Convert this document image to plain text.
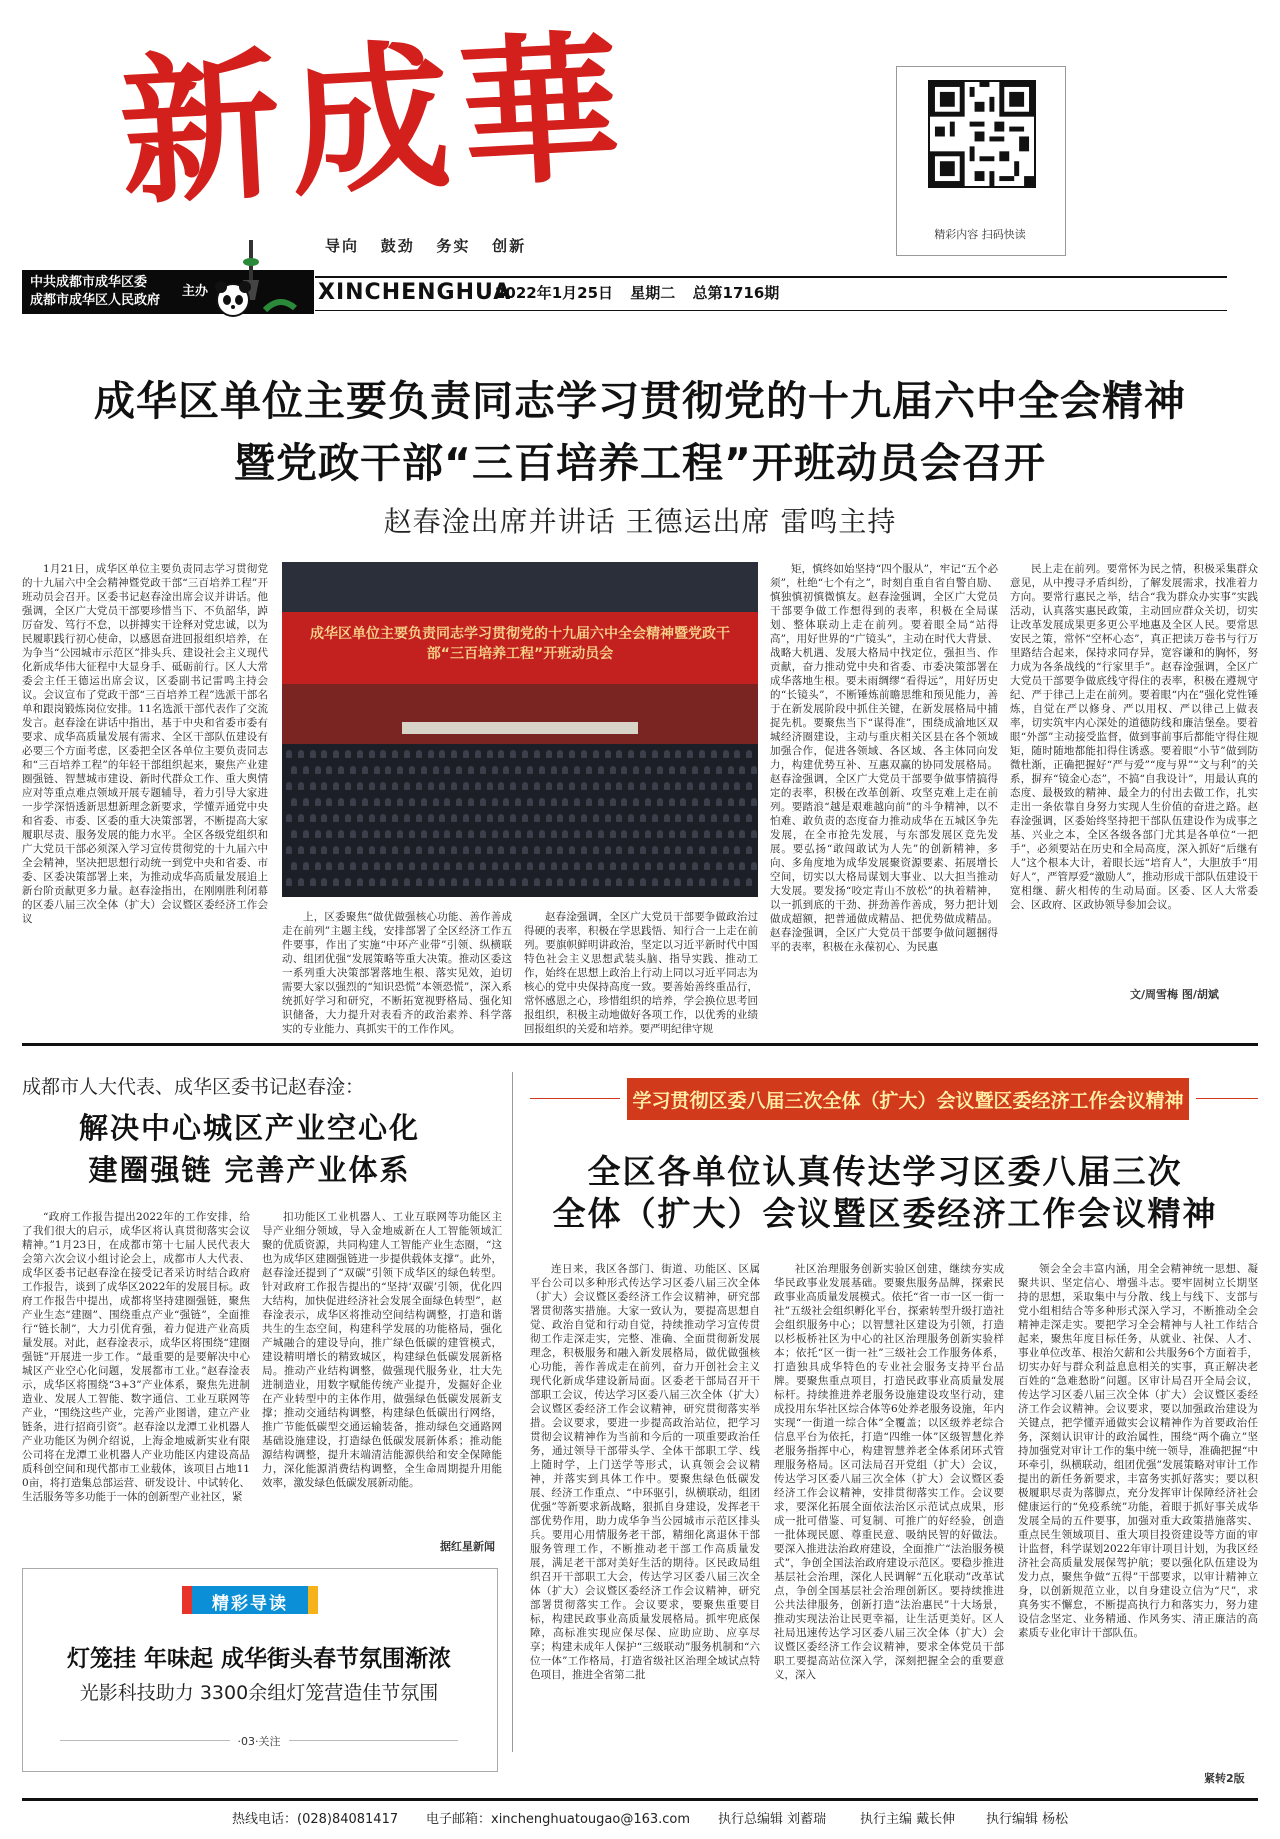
新成華
导向 鼓劲 务实 创新
精彩内容 扫码快读
中共成都市成华区委
成都市成华区人民政府
主办	XINCHENGHUA
2022年1月25日 星期二 总第1716期
成华区单位主要负责同志学习贯彻党的十九届六中全会精神
暨党政干部“三百培养工程”开班动员会召开
赵春淦出席并讲话 王德运出席 雷鸣主持

1月21日，成华区单位主要负责同志学习贯彻党的十九届六中全会精神暨党政干部“三百培养工程”开班动员会召开。区委书记赵春淦出席会议并讲话。他强调，全区广大党员干部要珍惜当下、不负韶华，踔厉奋发、笃行不怠，以拼搏实干诠释对党忠诚，以为民履职践行初心使命，以感恩奋进回报组织培养，在为争当“公园城市示范区”排头兵、建设社会主义现代化新成华伟大征程中大显身手、砥砺前行。区人大常委会主任王德运出席会议，区委副书记雷鸣主持会议。会议宣布了党政干部“三百培养工程”选派干部名单和跟岗锻炼岗位安排。11名选派干部代表作了交流发言。赵春淦在讲话中指出，基于中央和省委市委有要求、成华高质量发展有需求、全区干部队伍建设有必要三个方面考虑，区委把全区各单位主要负责同志和“三百培养工程”的年轻干部组织起来，聚焦产业建圈强链、智慧城市建设、新时代群众工作、重大舆情应对等重点难点领域开展专题辅导，着力引导大家进一步学深悟透新思想新理念新要求，学懂弄通党中央和省委、市委、区委的重大决策部署，不断提高大家履职尽责、服务发展的能力水平。全区各级党组织和广大党员干部必须深入学习宣传贯彻党的十九届六中全会精神，坚决把思想行动统一到党中央和省委、市委、区委决策部署上来，为推动成华高质量发展追上新台阶贡献更多力量。赵春淦指出，在刚刚胜利闭幕的区委八届三次全体（扩大）会议暨区委经济工作会议

成华区单位主要负责同志学习贯彻党的十九届六中全会精神暨党政干部“三百培养工程”开班动员会

上，区委聚焦“做优做强核心功能、善作善成走在前列”主题主线，安排部署了全区经济工作五件要事，作出了实施“中环产业带”引领、纵横联动、组团优强“发展策略等重大决策。推动区委这一系列重大决策部署落地生根、落实见效，迫切需要大家以强烈的“知识恐慌”本领恐慌”，深入系统抓好学习和研究，不断拓宽视野格局、强化知识储备，大力提升对表看齐的政治素养、科学落实的专业能力、真抓实干的工作作风。

赵春淦强调，全区广大党员干部要争做政治过得硬的表率，积极在学思践悟、知行合一上走在前列。要旗帜鲜明讲政治，坚定以习近平新时代中国特色社会主义思想武装头脑、指导实践、推动工作，始终在思想上政治上行动上同以习近平同志为核心的党中央保持高度一致。要善始善终重品行，常怀感恩之心，珍惜组织的培养，学会换位思考回报组织，积极主动地做好各项工作，以优秀的业绩回报组织的关爱和培养。要严明纪律守规

矩，慎终如始坚持“四个服从”，牢记“五个必须”，杜绝“七个有之”，时刻自重自省自警自励、慎独慎初慎微慎友。赵春淦强调，全区广大党员干部要争做工作想得到的表率，积极在全局谋划、整体联动上走在前列。要着眼全局“站得高”，用好世界的“广镜头”，主动在时代大背景、战略大机遇、发展大格局中找定位，强担当、作贡献，奋力推动党中央和省委、市委决策部署在成华落地生根。要未雨绸缪“看得远”，用好历史的“长镜头”，不断锤炼前瞻思维和预见能力，善于在新发展阶段中抓住关键，在新发展格局中捕捉先机。要聚焦当下“谋得准”，围绕成渝地区双城经济圈建设，主动与重庆相关区县在各个领域加强合作，促进各领域、各区域、各主体同向发力，构建优势互补、互惠双赢的协同发展格局。赵春淦强调，全区广大党员干部要争做事情搞得定的表率，积极在改革创新、攻坚克难上走在前列。要踏浪“越是艰难越向前”的斗争精神，以不怕难、敢负责的态度奋力推动成华在五城区争先发展，在全市抢先发展，与东部发展区竞先发展。要弘扬“敢闯敢试为人先”的创新精神，多向、多角度地为成华发展聚资源要素、拓展增长空间，切实以大格局谋划大事业、以大担当推动大发展。要发扬“咬定青山不放松”的执着精神，以一抓到底的干劲、拼劲善作善成，努力把计划做成超额，把普通做成精品、把优势做成精品。赵春淦强调，全区广大党员干部要争做问题捆得平的表率，积极在永葆初心、为民惠

民上走在前列。要常怀为民之情，积极采集群众意见，从中搜寻矛盾纠纷，了解发展需求，找准着力方向。要常行惠民之举，结合“我为群众办实事”实践活动，认真落实惠民政策，主动回应群众关切，切实让改革发展成果更多更公平地惠及全区人民。要常思安民之策，常怀“空杯心态”，真正把读万卷书与行万里路结合起来，保持求同存异，宽容谦和的胸怀，努力成为各条战线的“行家里手”。赵春淦强调，全区广大党员干部要争做底线守得住的表率，积极在遵规守纪、严于律己上走在前列。要着眼“内在”强化党性锤炼，自觉在严以修身、严以用权、严以律己上做表率，切实筑牢内心深处的道德防线和廉洁堡垒。要着眼“外部”主动接受监督，做到事前事后都能守得住规矩，随时随地都能扣得住诱惑。要着眼“小节”做到防微杜渐，正确把握好“严与爱”“度与界”“文与利”的关系，摒弃“镜金心态”，不搞“自我设计”，用最认真的态度、最极致的精神、最全力的付出去做工作，扎实走出一条依靠自身努力实现人生价值的奋进之路。赵春淦强调，区委始终坚持把干部队伍建设作为成事之基、兴业之本，全区各级各部门尤其是各单位“一把手”，必须要站在历史和全局高度，深入抓好“后继有人”这个根本大计，着眼长远“培育人”，大胆放手“用好人”，严管厚爱“激励人”，推动形成干部队伍建设干宽相继、薪火相传的生动局面。区委、区人大常委会、区政府、区政协领导参加会议。

文/周雪梅 图/胡斌
成都市人大代表、成华区委书记赵春淦：
解决中心城区产业空心化
建圈强链 完善产业体系

“政府工作报告提出2022年的工作安排，给了我们很大的启示，成华区将认真贯彻落实会议精神。”1月23日，在成都市第十七届人民代表大会第六次会议小组讨论会上，成都市人大代表、成华区委书记赵春淦在接受记者采访时结合政府工作报告，谈到了成华区2022年的发展目标。政府工作报告中提出，成都将坚持建圈强链，聚焦产业生态“建圈”、围绕重点产业“强链”，全面推行“链长制”，大力引优育强，着力促进产业高质量发展。对此，赵春淦表示，成华区将围绕“建圈强链”开展进一步工作。“最重要的是要解决中心城区产业空心化问题，发展都市工业。”赵春淦表示，成华区将围绕“3+3”产业体系，聚焦先进制造业、发展人工智能、数字通信、工业互联网等产业，“围绕这些产业，完善产业图谱，建立产业链条，进行招商引资”。赵春淦以龙潭工业机器人产业功能区为例介绍说，上海金地威新实业有限公司将在龙潭工业机器人产业功能区内建设高品质科创空间和现代都市工业载体，该项目占地110亩，将打造集总部运营、研发设计、中试转化、生活服务等多功能于一体的创新型产业社区，紧

扣功能区工业机器人、工业互联网等功能区主导产业细分领域，导入金地威新在人工智能领域汇聚的优质资源，共同构建人工智能产业生态圈，“这也为成华区建圈强链进一步提供载体支撑”。此外，赵春淦还提到了“双碳”引领下成华区的绿色转型。针对政府工作报告提出的“坚持‘双碳’引领，优化四大结构，加快促进经济社会发展全面绿色转型”，赵春淦表示，成华区将推动空间结构调整，打造和谐共生的生态空间，构建科学发展的功能格局，强化产城融合的建设导向，推广绿色低碳的建管模式，建设精明增长的精致城区，构建绿色低碳发展新格局。推动产业结构调整，做强现代服务业，壮大先进制造业，用数字赋能传统产业提升，发掘好企业在产业转型中的主体作用，做强绿色低碳发展新支撑；推动交通结构调整，构建绿色低碳出行网络，推广节能低碳型交通运输装备，推动绿色交通路网基础设施建设，打造绿色低碳发展新体系；推动能源结构调整，提升末端清洁能源供给和安全保障能力，深化能源消费结构调整，全生命周期提升用能效率，激发绿色低碳发展新动能。

据红星新闻
精彩导读
灯笼挂 年味起 成华街头春节氛围渐浓
光影科技助力 3300余组灯笼营造佳节氛围
·03·关注
学习贯彻区委八届三次全体（扩大）会议暨区委经济工作会议精神
全区各单位认真传达学习区委八届三次
全体（扩大）会议暨区委经济工作会议精神

连日来，我区各部门、街道、功能区、区属平台公司以多种形式传达学习区委八届三次全体（扩大）会议暨区委经济工作会议精神，研究部署贯彻落实措施。大家一致认为，要提高思想自觉、政治自觉和行动自觉，持续推动学习宣传贯彻工作走深走实，完整、准确、全面贯彻新发展理念，积极服务和融入新发展格局，做优做强核心功能，善作善成走在前列，奋力开创社会主义现代化新成华建设新局面。区委老干部局召开干部职工会议，传达学习区委八届三次全体（扩大）会议暨区委经济工作会议精神，研究贯彻落实举措。会议要求，要进一步提高政治站位，把学习贯彻会议精神作为当前和今后的一项重要政治任务，通过领导干部带头学、全体干部职工学、线上随时学，上门送学等形式，认真领会会议精神，并落实到具体工作中。要聚焦绿色低碳发展、经济工作重点、“中环驱引，纵横联动，组团优强”等新要求新战略，狠抓自身建设，发挥老干部优势作用，助力成华争当公园城市示范区排头兵。要用心用情服务老干部，精细化离退休干部服务管理工作，不断推动老干部工作高质量发展，满足老干部对美好生活的期待。区民政局组织召开干部职工大会，传达学习区委八届三次全体（扩大）会议暨区委经济工作会议精神，研究部署贯彻落实工作。会议要求，要聚焦重要目标，构建民政事业高质量发展格局。抓牢兜底保障，高标准实现应保尽保、应助应助、应享尽享；构建未成年人保护“三级联动”服务机制和“六位一体”工作格局，打造省级社区治理全域试点特色项目，推进全省第二批

社区治理服务创新实验区创建，继续夯实成华民政事业发展基础。要聚焦服务品牌，探索民政事业高质量发展模式。依托“省一市一区一街一社”五级社会组织孵化平台，探索转型升级打造社会组织服务中心；以智慧社区建设为引领，打造以杉板桥社区为中心的社区治理服务创新实验样本；依托“区一街一社”三级社会工作服务体系，打造独具成华特色的专业社会服务支持平台品牌。要聚焦重点项目，打造民政事业高质量发展标杆。持续推进养老服务设施建设攻坚行动，建成投用东华社区综合体等6处养老服务设施，年内实现“一街道一综合体”全覆盖；以区级养老综合信息平台为依托，打造“四维一体”区级智慧化养老服务指挥中心，构建智慧养老全体系闭环式管理服务格局。区司法局召开党组（扩大）会议，传达学习区委八届三次全体（扩大）会议暨区委经济工作会议精神，安排贯彻落实工作。会议要求，要深化拓展全面依法治区示范试点成果，形成一批可借鉴、可复制、可推广的好经验，创造一批体现民愿、尊重民意、吸纳民智的好做法。要深入推进法治政府建设，全面推广“法治服务模式”，争创全国法治政府建设示范区。要稳步推进基层社会治理，深化人民调解“五化联动”改革试点，争创全国基层社会治理创新区。要持续推进公共法律服务，创新打造“法治惠民”十大场景，推动实现法治让民更幸福，让生活更美好。区人社局迅速传达学习区委八届三次全体（扩大）会议暨区委经济工作会议精神，要求全体党员干部职工要提高站位深入学，深刻把握全会的重要意义，深入

领会全会丰富内涵，用全会精神统一思想、凝聚共识、坚定信心、增强斗志。要牢固树立长期坚持的思想，采取集中与分散、线上与线下、支部与党小组相结合等多种形式深入学习，不断推动全会精神走深走实。要把学习全会精神与人社工作结合起来，聚焦年度目标任务，从就业、社保、人才、事业单位改革、根治欠薪和公共服务6个方面着手，切实办好与群众利益息息相关的实事，真正解决老百姓的“急难愁盼”问题。区审计局召开全局会议，传达学习区委八届三次全体（扩大）会议暨区委经济工作会议精神。会议要求，要以加强政治建设为关键点，把学懂弄通做实会议精神作为首要政治任务，深刻认识审计的政治属性，围绕“两个确立”坚持加强党对审计工作的集中统一领导，准确把握“中环牵引，纵横联动，组团优强”发展策略对审计工作提出的新任务新要求，丰富务实抓好落实；要以积极履职尽责为落脚点，充分发挥审计保障经济社会健康运行的“免疫系统”功能，着眼于抓好事关成华发展全局的五件要事，加强对重大政策措施落实、重点民生领域项目、重大项目投资建设等方面的审计监督，科学谋划2022年审计项目计划，为我区经济社会高质量发展保驾护航；要以强化队伍建设为发力点，聚焦争做“五得”干部要求，以审计精神立身，以创新规范立业，以自身建设立信为“尺”，求真务实不懈怠，不断提高执行力和落实力，努力建设信念坚定、业务精通、作风务实、清正廉洁的高素质专业化审计干部队伍。

紧转2版
热线电话：(028)84081417 电子邮箱：xinchenghuatougao@163.com 执行总编辑 刘蓄瑞	执行主编 戴长伸 执行编辑 杨松
